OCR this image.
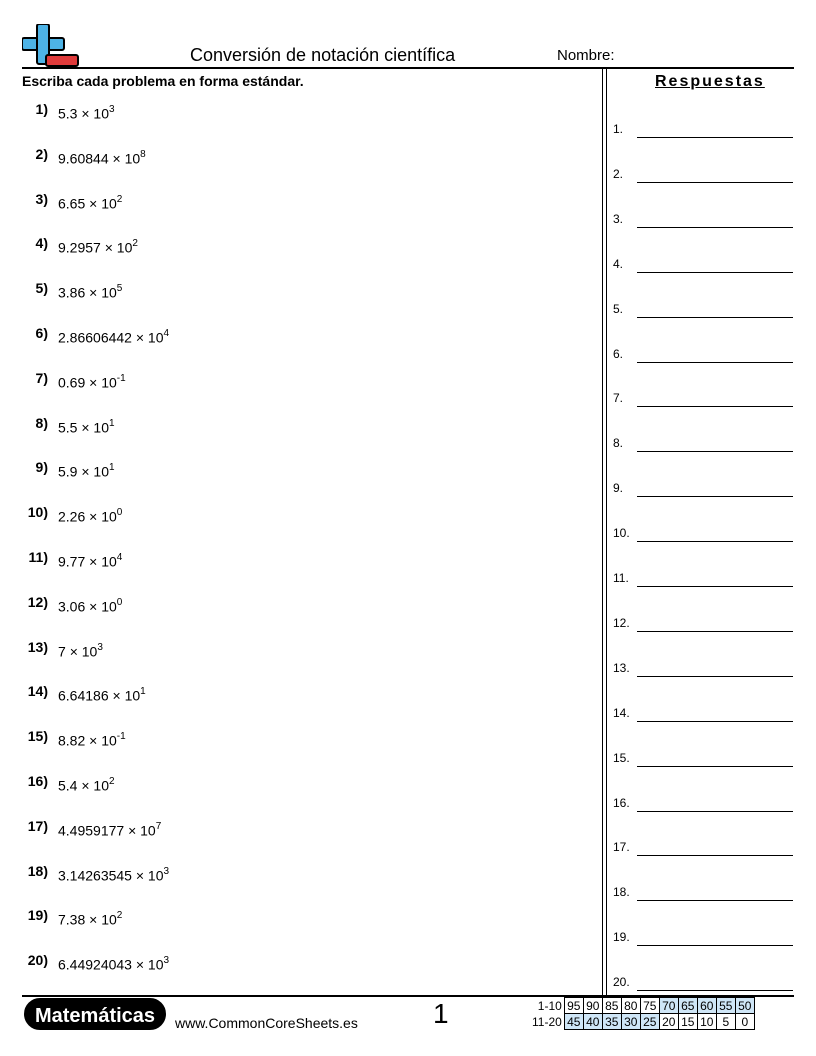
Conversión de notación científica	Nombre:
Escriba cada problema en forma estándar.
1) $5.3 \times 10^3$
2) $9.60844 \times 10^8$
3) $6.65 \times 10^2$
4) $9.2957 \times 10^2$
5) $3.86 \times 10^5$
6) $2.86606442 \times 10^4$
7) $0.69 \times 10^{-1}$
8) $5.5 \times 10^1$
9) $5.9 \times 10^1$
10) $2.26 \times 10^0$
11) $9.77 \times 10^4$
12) $3.06 \times 10^0$
13) $7 \times 10^3$
14) $6.64186 \times 10^1$
15) $8.82 \times 10^{-1}$
16) $5.4 \times 10^2$
17) $4.4959177 \times 10^7$
18) $3.14263545 \times 10^3$
19) $7.38 \times 10^2$
20) $6.44924043 \times 10^3$
Respuestas
1.
2.
3.
4.
5.
6.
7.
8.
9.
10.
11.
12.
13.
14.
15.
16.
17.
18.
19.
20.
Matemáticas	www.CommonCoreSheets.es	1	1-10	95	90	85	80	75	70	65	60	55	50
11-20	45	40	35	30	25	20	15	10	5	0
